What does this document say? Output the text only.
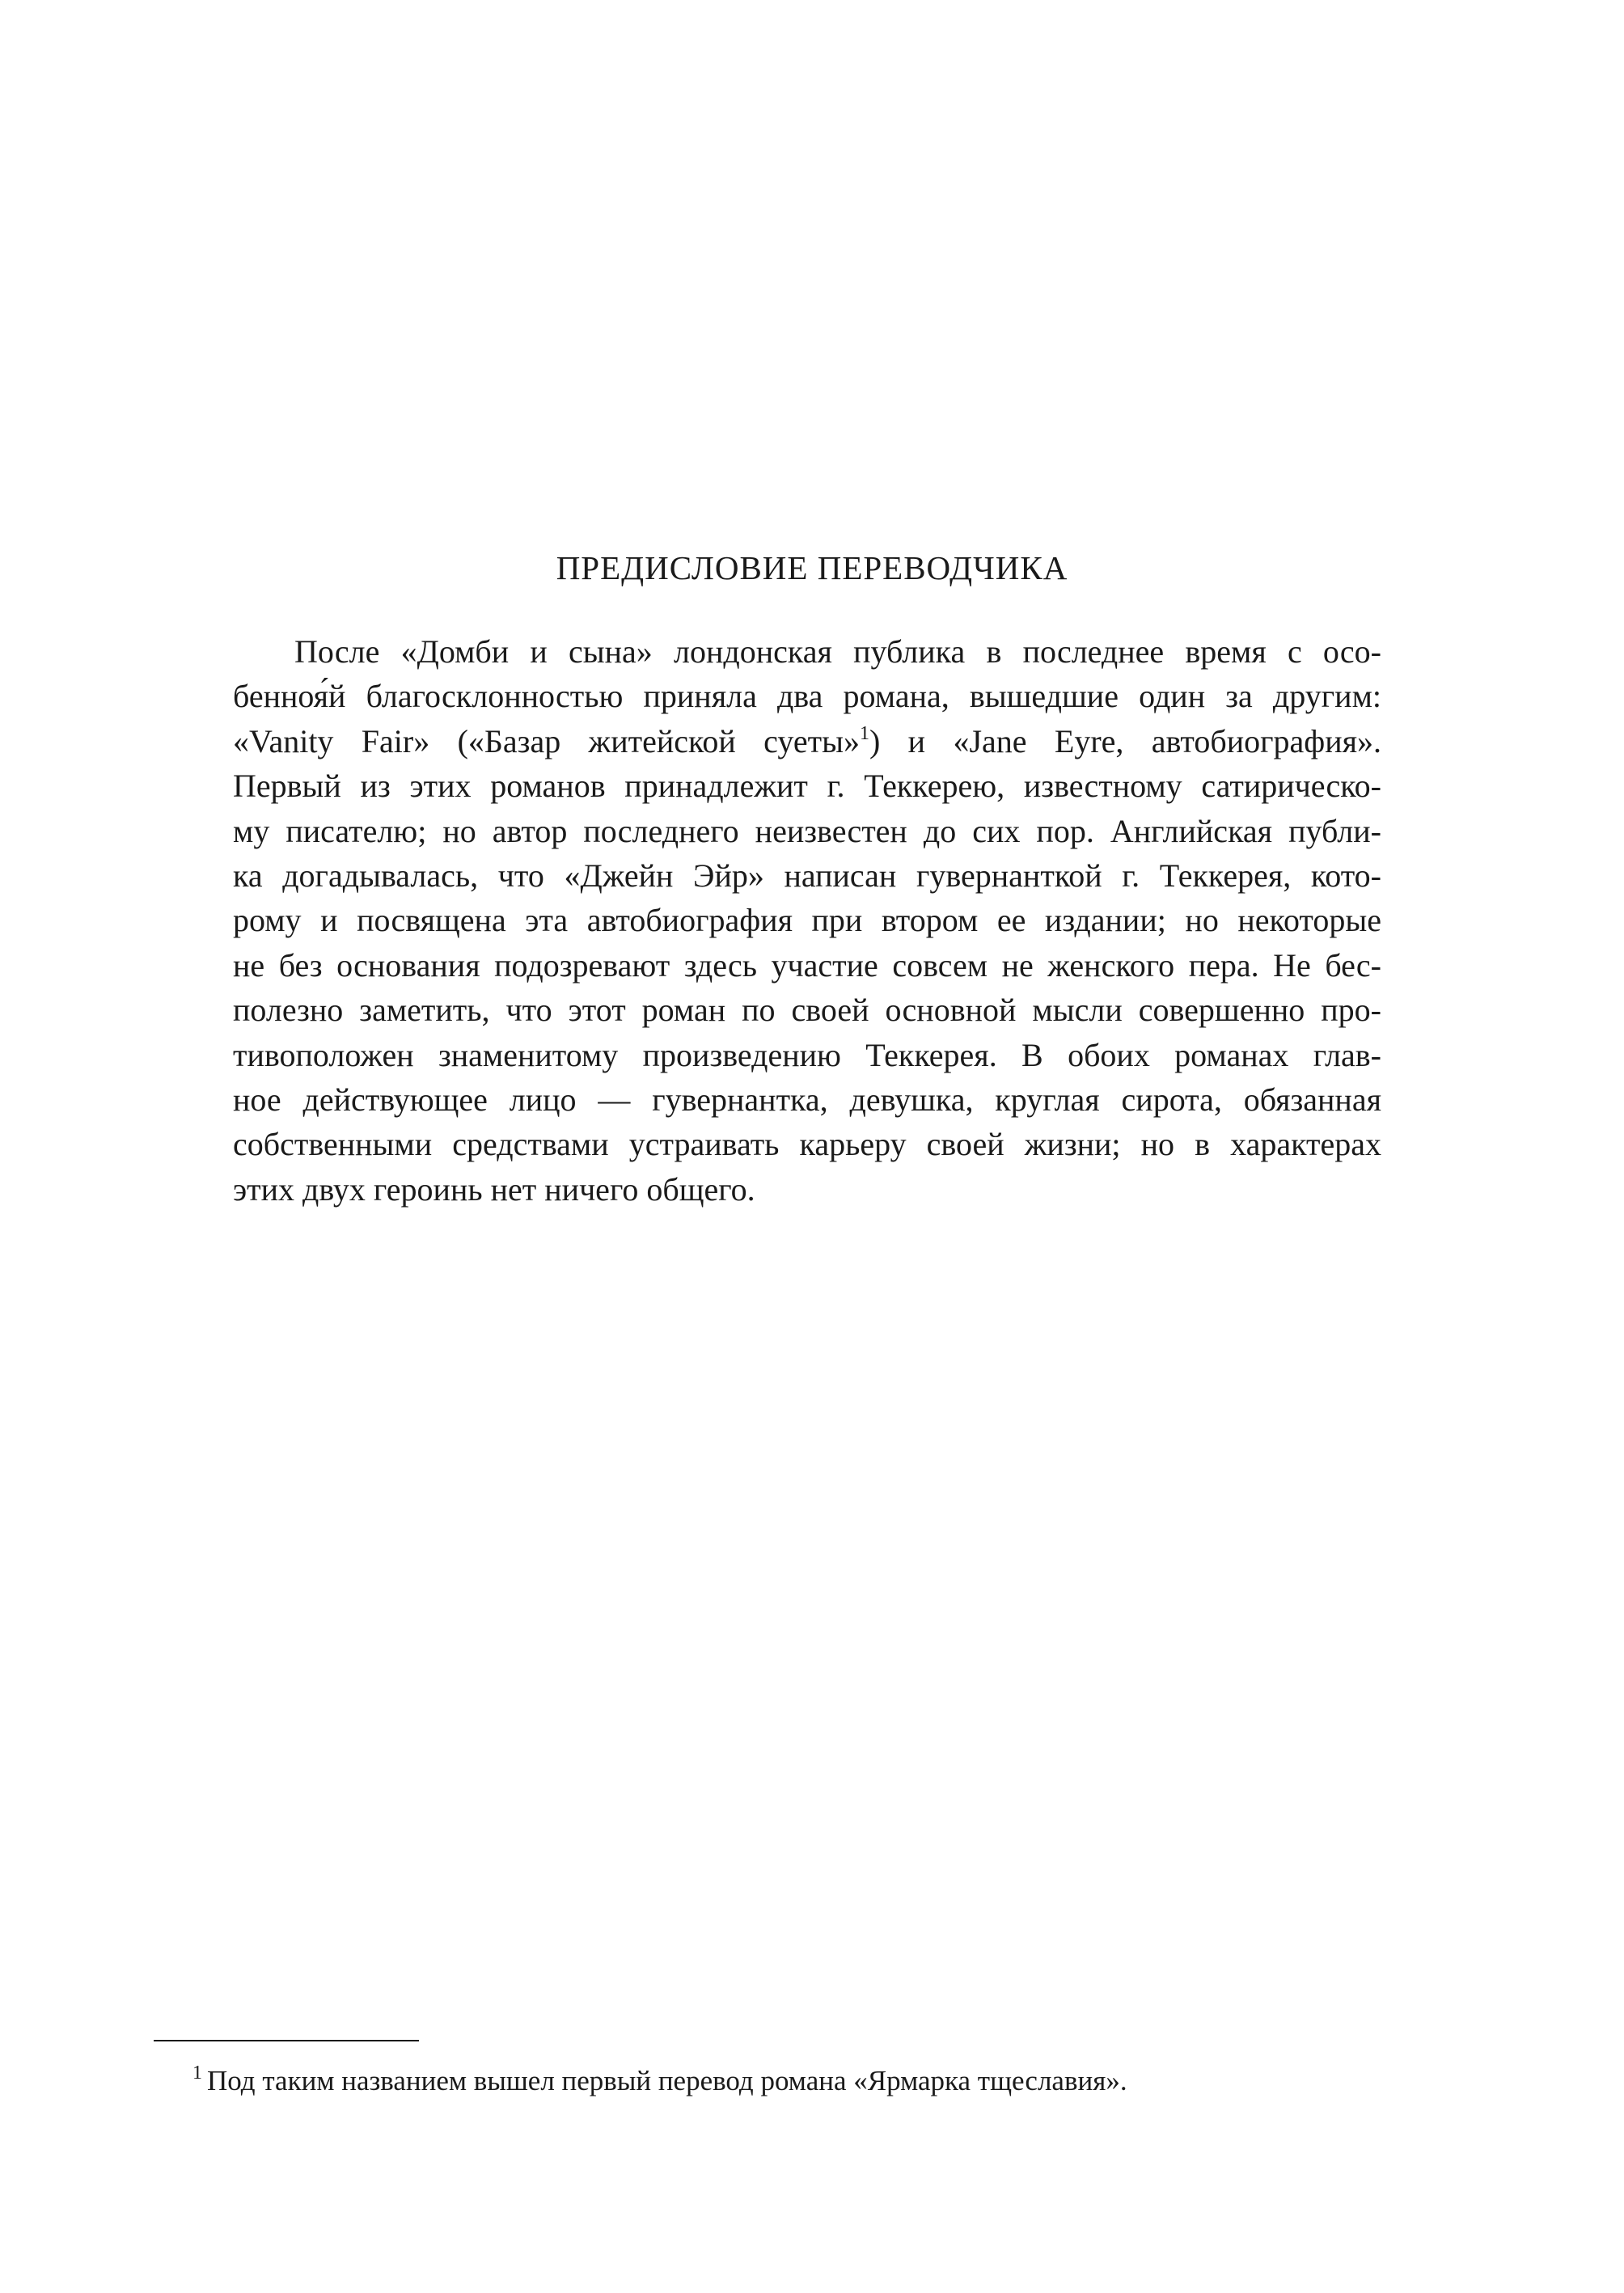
ПРЕДИСЛОВИЕ ПЕРЕВОДЧИКА
После «Домби и сына» лондонская публика в последнее время с осо-
бенноя́й благосклонностью приняла два романа, вышедшие один за другим:
«Vanity Fair» («Базар житейской суеты»$^1$) и «Jane Eyre, автобиография».
Первый из этих романов принадлежит г. Теккерею, известному сатирическо-
му писателю; но автор последнего неизвестен до сих пор. Английская публи-
ка догадывалась, что «Джейн Эйр» написан гувернанткой г. Теккерея, кото-
рому и посвящена эта автобиография при втором ее издании; но некоторые
не без основания подозревают здесь участие совсем не женского пера. Не бес-
полезно заметить, что этот роман по своей основной мысли совершенно про-
тивоположен знаменитому произведению Теккерея. В обоих романах глав-
ное действующее лицо — гувернантка, девушка, круглая сирота, обязанная
собственными средствами устраивать карьеру своей жизни; но в характерах
этих двух героинь нет ничего общего.
$^1$ Под таким названием вышел первый перевод романа «Ярмарка тщеславия».
